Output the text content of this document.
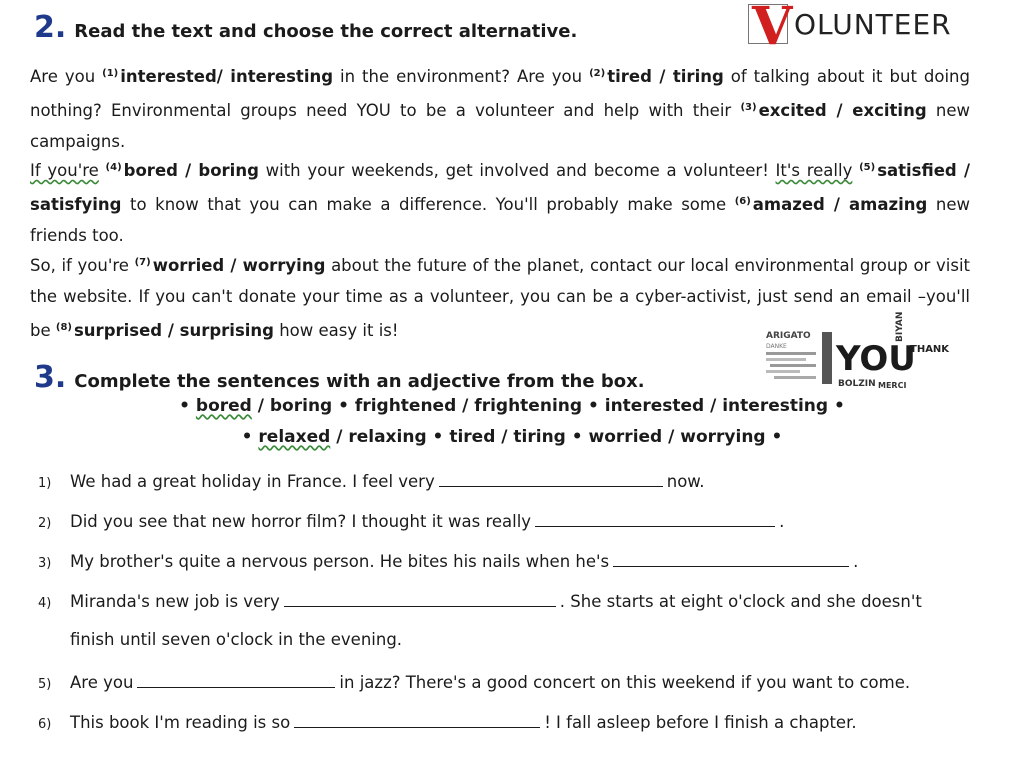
2. Read the text and choose the correct alternative.	V OLUNTEER
Are you $^{(1)}$ interested/ interesting in the environment? Are you $^{(2)}$ tired / tiring of talking about it but doing nothing? Environmental groups need YOU to be a volunteer and help with their $^{(3)}$ excited / exciting new campaigns.
If you're $^{(4)}$ bored / boring with your weekends, get involved and become a volunteer! It's really $^{(5)}$ satisfied / satisfying to know that you can make a difference. You'll probably make some $^{(6)}$ amazed / amazing new friends too.
So, if you're $^{(7)}$ worried / worrying about the future of the planet, contact our local environmental group or visit the website. If you can't donate your time as a volunteer, you can be a cyber-activist, just send an email –you'll be $^{(8)}$ surprised / surprising how easy it is!	ARIGATO
DANKE YOU
BOLZIN MERCI
BIYAN
THANK
3. Complete the sentences with an adjective from the box.
• bored / boring • frightened / frightening • interested / interesting •
• relaxed / relaxing • tired / tiring • worried / worrying •
1)	We had a great holiday in France. I feel very	now.
2)	Did you see that new horror film? I thought it was really	.
3)	My brother's quite a nervous person. He bites his nails when he's	.
4)	Miranda's new job is very	. She starts at eight o'clock and she doesn't
finish until seven o'clock in the evening.
5)	Are you	in jazz? There's a good concert on this weekend if you want to come.
6)	This book I'm reading is so	! I fall asleep before I finish a chapter.
